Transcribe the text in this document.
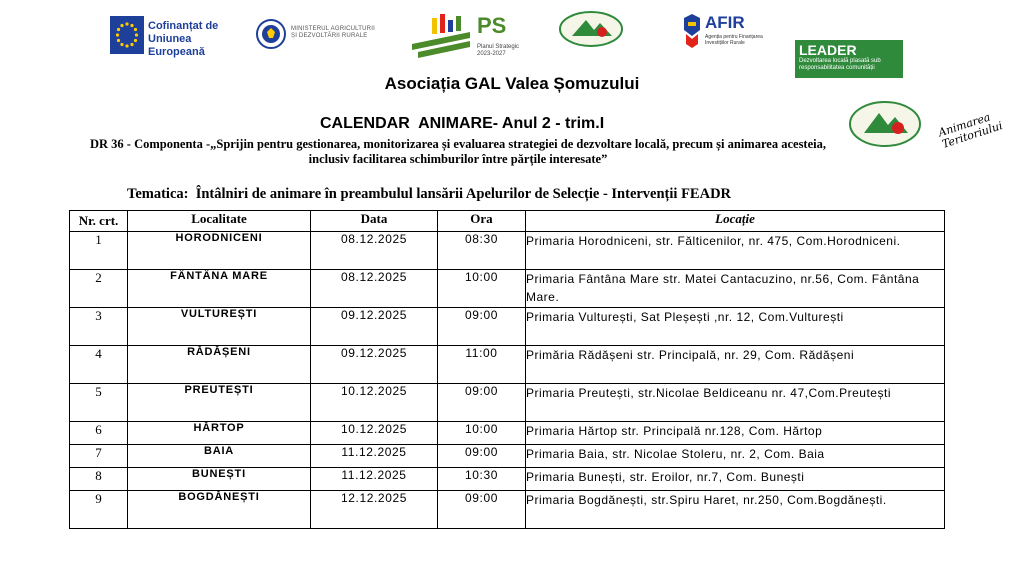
Cofinanțat de Uniunea Europeană
MINISTERUL AGRICULTURII ȘI DEZVOLTĂRII RURALE	PS
Planul Strategic 2023-2027
AFIR
Agenția pentru Finanțarea Investițiilor Rurale	LEADER
Dezvoltarea locală plasată sub responsabilitatea comunității
Animarea Teritoriului
Asociația GAL Valea Șomuzului
CALENDAR  ANIMARE- Anul 2 - trim.I
DR 36 - Componenta -„Sprijin pentru gestionarea, monitorizarea și evaluarea strategiei de dezvoltare locală, precum și animarea acesteia, inclusiv facilitarea schimburilor între părțile interesate”
Tematica:  Întâlniri de animare în preambulul lansării Apelurilor de Selecție - Intervenții FEADR
Nr. crt.	Localitate	Data	Ora	Locație
1	HORODNICENI	08.12.2025	08:30	Primaria Horodniceni, str. Fălticenilor, nr. 475, Com.Horodniceni.
2	FÂNTÂNA MARE	08.12.2025	10:00	Primaria Fântâna Mare str. Matei Cantacuzino, nr.56, Com. Fântâna Mare.
3	VULTUREȘTI	09.12.2025	09:00	Primaria Vulturești, Sat Pleșești ,nr. 12, Com.Vulturești
4	RĂDĂȘENI	09.12.2025	11:00	Primăria Rădășeni str. Principală, nr. 29, Com. Rădășeni
5	PREUTEȘTI	10.12.2025	09:00	Primaria Preutești, str.Nicolae Beldiceanu nr. 47,Com.Preutești
6	HĂRTOP	10.12.2025	10:00	Primaria Hărtop str. Principală nr.128, Com. Hărtop
7	BAIA	11.12.2025	09:00	Primaria Baia, str. Nicolae Stoleru, nr. 2, Com. Baia
8	BUNEȘTI	11.12.2025	10:30	Primaria Bunești, str. Eroilor, nr.7, Com. Bunești
9	BOGDĂNEȘTI	12.12.2025	09:00	Primaria Bogdănești, str.Spiru Haret, nr.250, Com.Bogdănești.
